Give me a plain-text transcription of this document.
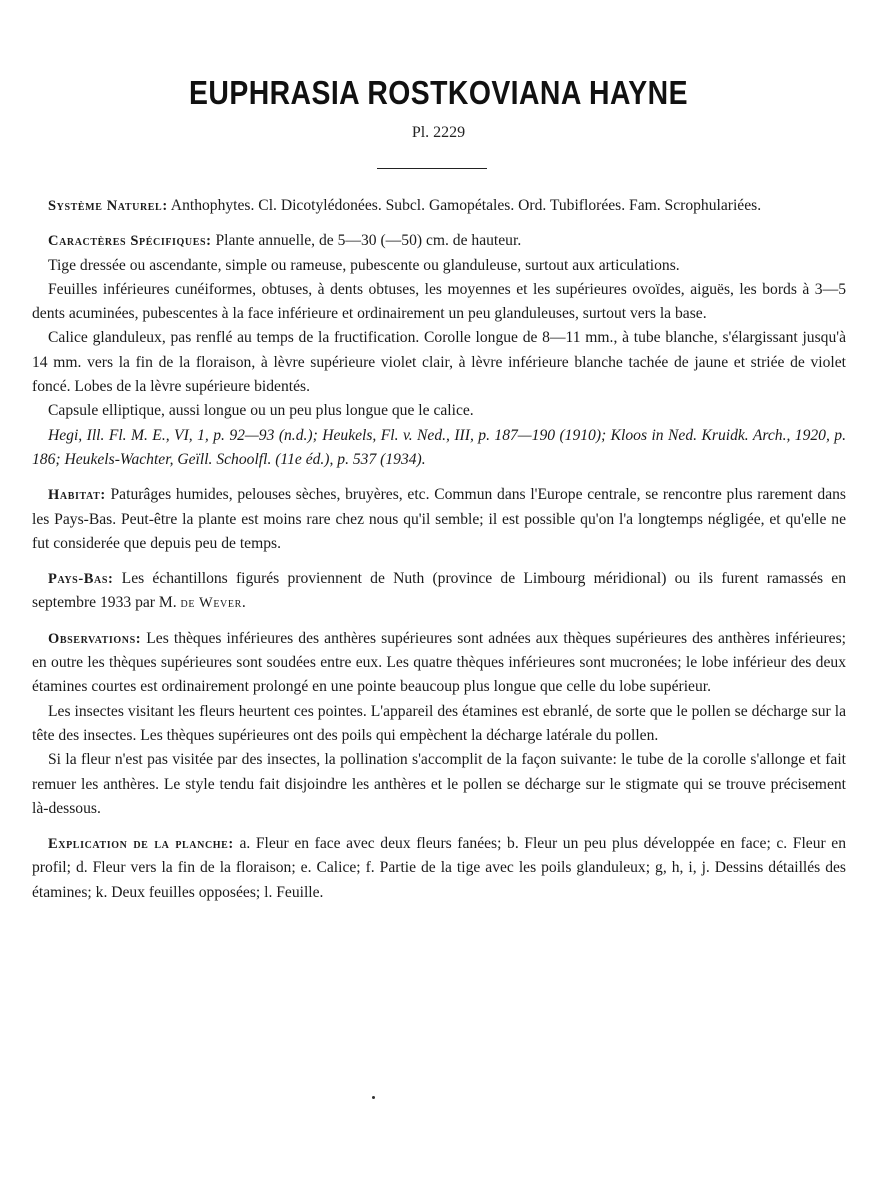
EUPHRASIA ROSTKOVIANA HAYNE
Pl. 2229

Système Naturel: Anthophytes. Cl. Dicotylédonées. Subcl. Gamopétales. Ord. Tubiflorées. Fam. Scrophulariées.

Caractères Spécifiques: Plante annuelle, de 5—30 (—50) cm. de hauteur.

Tige dressée ou ascendante, simple ou rameuse, pubescente ou glanduleuse, surtout aux articulations.

Feuilles inférieures cunéiformes, obtuses, à dents obtuses, les moyennes et les supérieures ovoïdes, aiguës, les bords à 3—5 dents acuminées, pubescentes à la face inférieure et ordinairement un peu glanduleuses, surtout vers la base.

Calice glanduleux, pas renflé au temps de la fructification. Corolle longue de 8—11 mm., à tube blanche, s'élargissant jusqu'à 14 mm. vers la fin de la floraison, à lèvre supérieure violet clair, à lèvre inférieure blanche tachée de jaune et striée de violet foncé. Lobes de la lèvre supérieure bidentés.

Capsule elliptique, aussi longue ou un peu plus longue que le calice.

Hegi, Ill. Fl. M. E., VI, 1, p. 92—93 (n.d.); Heukels, Fl. v. Ned., III, p. 187—190 (1910); Kloos in Ned. Kruidk. Arch., 1920, p. 186; Heukels-Wachter, Geïll. Schoolfl. (11e éd.), p. 537 (1934).

Habitat: Paturâges humides, pelouses sèches, bruyères, etc. Commun dans l'Europe centrale, se rencontre plus rarement dans les Pays-Bas. Peut-être la plante est moins rare chez nous qu'il semble; il est possible qu'on l'a longtemps négligée, et qu'elle ne fut considerée que depuis peu de temps.

Pays-Bas: Les échantillons figurés proviennent de Nuth (province de Limbourg méridional) ou ils furent ramassés en septembre 1933 par M. de Wever.

Observations: Les thèques inférieures des anthères supérieures sont adnées aux thèques supérieures des anthères inférieures; en outre les thèques supérieures sont soudées entre eux. Les quatre thèques inférieures sont mucronées; le lobe inférieur des deux étamines courtes est ordinairement prolongé en une pointe beaucoup plus longue que celle du lobe supérieur.

Les insectes visitant les fleurs heurtent ces pointes. L'appareil des étamines est ebranlé, de sorte que le pollen se décharge sur la tête des insectes. Les thèques supérieures ont des poils qui empèchent la décharge latérale du pollen.

Si la fleur n'est pas visitée par des insectes, la pollination s'accomplit de la façon suivante: le tube de la corolle s'allonge et fait remuer les anthères. Le style tendu fait disjoindre les anthères et le pollen se décharge sur le stigmate qui se trouve précisement là-dessous.

Explication de la planche: a. Fleur en face avec deux fleurs fanées; b. Fleur un peu plus développée en face; c. Fleur en profil; d. Fleur vers la fin de la floraison; e. Calice; f. Partie de la tige avec les poils glanduleux; g, h, i, j. Dessins détaillés des étamines; k. Deux feuilles opposées; l. Feuille.
